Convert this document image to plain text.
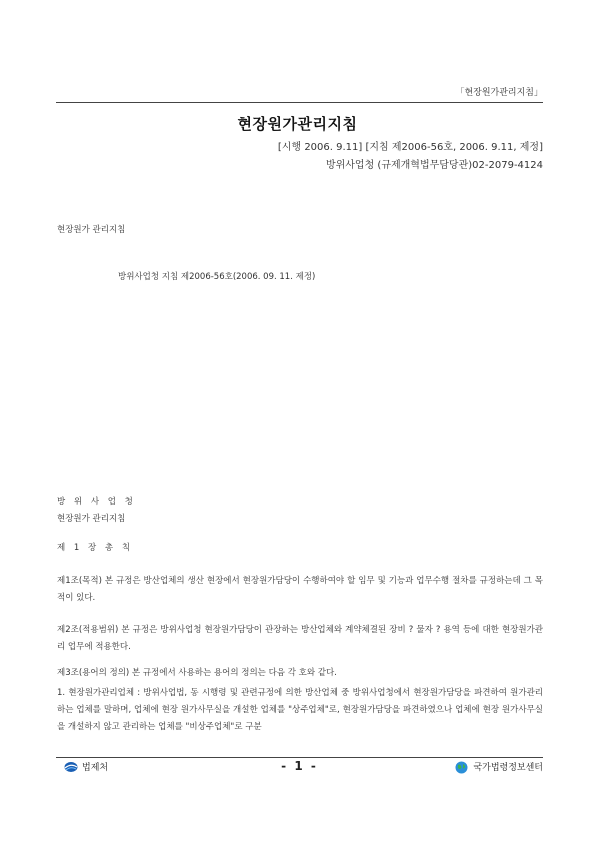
「현장원가관리지침」
현장원가관리지침
[시행 2006. 9.11] [지침 제2006-56호, 2006. 9.11, 제정]
방위사업청 (규제개혁법무담당관)02-2079-4124
현장원가 관리지침
방위사업청 지침 제2006-56호(2006. 09. 11. 제정)
방 위 사 업 청
현장원가 관리지침
제 1 장 총 칙
제1조(목적) 본 규정은 방산업체의 생산 현장에서 현장원가담당이 수행하여야 할 임무 및 기능과 업무수행 절차를 규정하는데 그 목적이 있다.
제2조(적용범위) 본 규정은 방위사업청 현장원가담당이 관장하는 방산업체와 계약체결된 장비 ? 물자 ? 용역 등에 대한 현장원가관리 업무에 적용한다.
제3조(용어의 정의) 본 규정에서 사용하는 용어의 정의는 다음 각 호와 같다.
1. 현장원가관리업체 : 방위사업법, 동 시행령 및 관련규정에 의한 방산업체 중 방위사업청에서 현장원가담당을 파견하여 원가관리하는 업체를 말하며, 업체에 현장 원가사무실을 개설한 업체를 "상주업체"로, 현장원가담당을 파견하였으나 업체에 현장 원가사무실을 개설하지 않고 관리하는 업체를 "비상주업체"로 구분
법제처	- 1 -	국가법령정보센터
